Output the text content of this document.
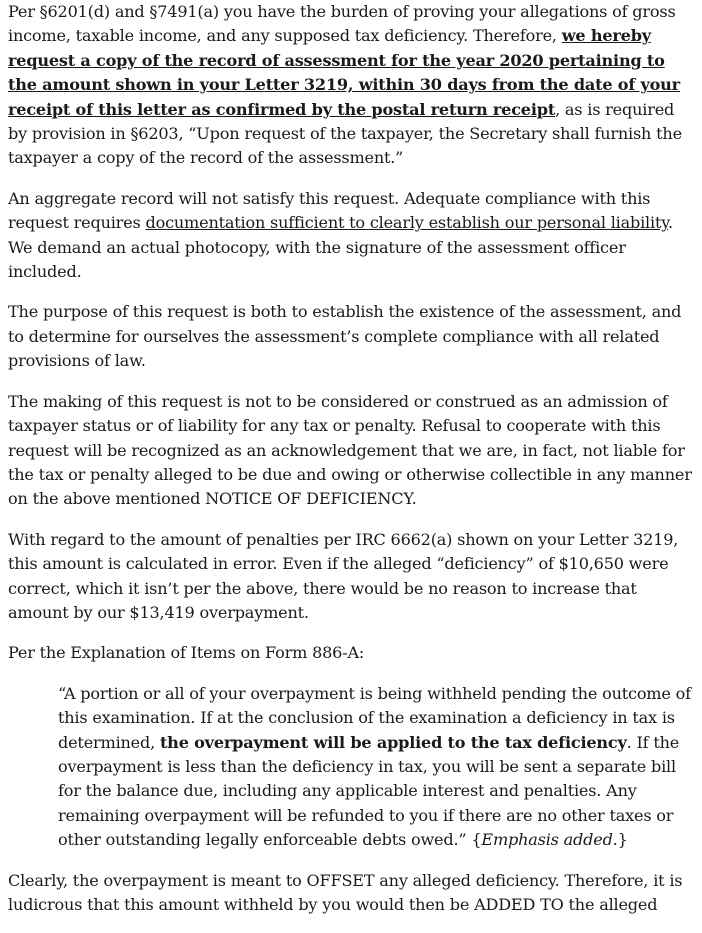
Per §6201(d) and §7491(a) you have the burden of proving your allegations of gross income, taxable income, and any supposed tax deficiency. Therefore, we hereby request a copy of the record of assessment for the year 2020 pertaining to the amount shown in your Letter 3219, within 30 days from the date of your receipt of this letter as confirmed by the postal return receipt, as is required by provision in §6203, “Upon request of the taxpayer, the Secretary shall furnish the taxpayer a copy of the record of the assessment.”

An aggregate record will not satisfy this request. Adequate compliance with this request requires documentation sufficient to clearly establish our personal liability. We demand an actual photocopy, with the signature of the assessment officer included.

The purpose of this request is both to establish the existence of the assessment, and to determine for ourselves the assessment’s complete compliance with all related provisions of law.

The making of this request is not to be considered or construed as an admission of taxpayer status or of liability for any tax or penalty. Refusal to cooperate with this request will be recognized as an acknowledgement that we are, in fact, not liable for the tax or penalty alleged to be due and owing or otherwise collectible in any manner on the above mentioned NOTICE OF DEFICIENCY.

With regard to the amount of penalties per IRC 6662(a) shown on your Letter 3219, this amount is calculated in error. Even if the alleged “deficiency” of $10,650 were correct, which it isn’t per the above, there would be no reason to increase that amount by our $13,419 overpayment.

Per the Explanation of Items on Form 886-A:

“A portion or all of your overpayment is being withheld pending the outcome of this examination. If at the conclusion of the examination a deficiency in tax is determined, the overpayment will be applied to the tax deficiency. If the overpayment is less than the deficiency in tax, you will be sent a separate bill for the balance due, including any applicable interest and penalties. Any remaining overpayment will be refunded to you if there are no other taxes or other outstanding legally enforceable debts owed.” {Emphasis added.}

Clearly, the overpayment is meant to OFFSET any alleged deficiency. Therefore, it is ludicrous that this amount withheld by you would then be ADDED TO the alleged
